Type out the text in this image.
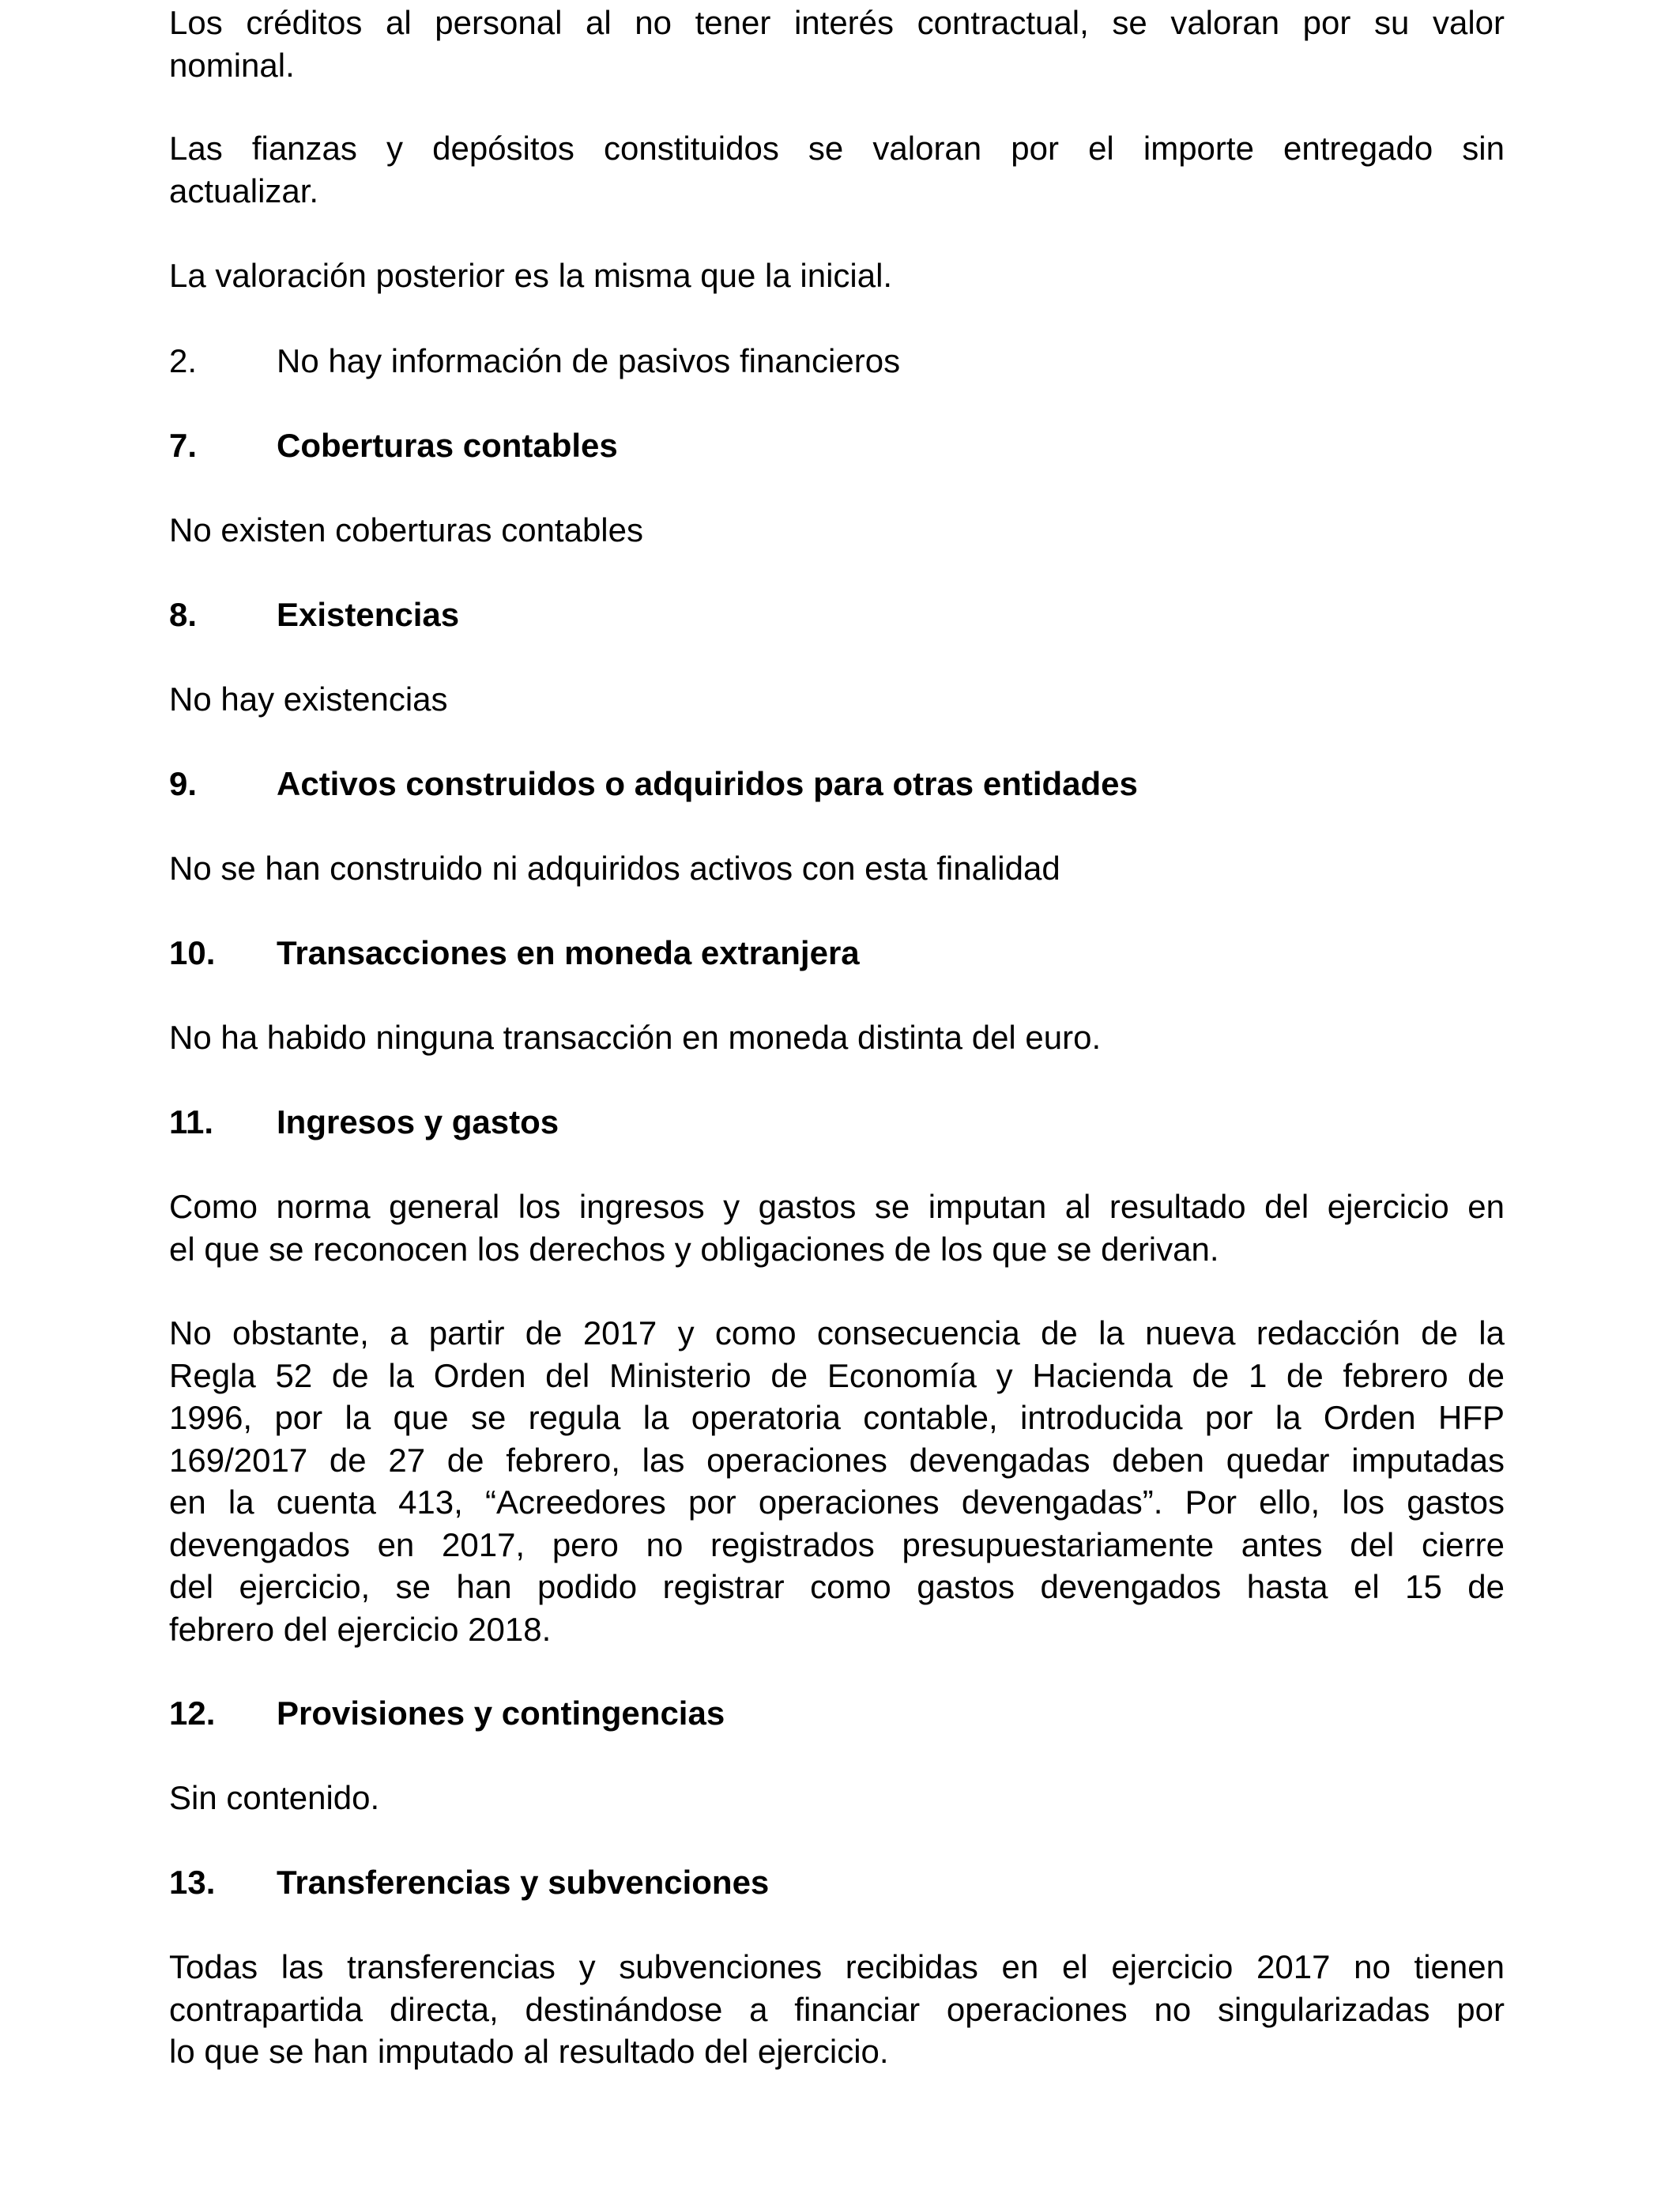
Los créditos al personal al no tener interés contractual, se valoran por su valor
nominal.
Las fianzas y depósitos constituidos se valoran por el importe entregado sin
actualizar.
La valoración posterior es la misma que la inicial.
2. No hay información de pasivos financieros
7. Coberturas contables
No existen coberturas contables
8. Existencias
No hay existencias
9. Activos construidos o adquiridos para otras entidades
No se han construido ni adquiridos activos con esta finalidad
10. Transacciones en moneda extranjera
No ha habido ninguna transacción en moneda distinta del euro.
11. Ingresos y gastos
Como norma general los ingresos y gastos se imputan al resultado del ejercicio en
el que se reconocen los derechos y obligaciones de los que se derivan.
No obstante, a partir de 2017 y como consecuencia de la nueva redacción de la
Regla 52 de la Orden del Ministerio de Economía y Hacienda de 1 de febrero de
1996, por la que se regula la operatoria contable, introducida por la Orden HFP
169/2017 de 27 de febrero, las operaciones devengadas deben quedar imputadas
en la cuenta 413, “Acreedores por operaciones devengadas”. Por ello, los gastos
devengados en 2017, pero no registrados presupuestariamente antes del cierre
del ejercicio, se han podido registrar como gastos devengados hasta el 15 de
febrero del ejercicio 2018.
12. Provisiones y contingencias
Sin contenido.
13. Transferencias y subvenciones
Todas las transferencias y subvenciones recibidas en el ejercicio 2017 no tienen
contrapartida directa, destinándose a financiar operaciones no singularizadas por
lo que se han imputado al resultado del ejercicio.
